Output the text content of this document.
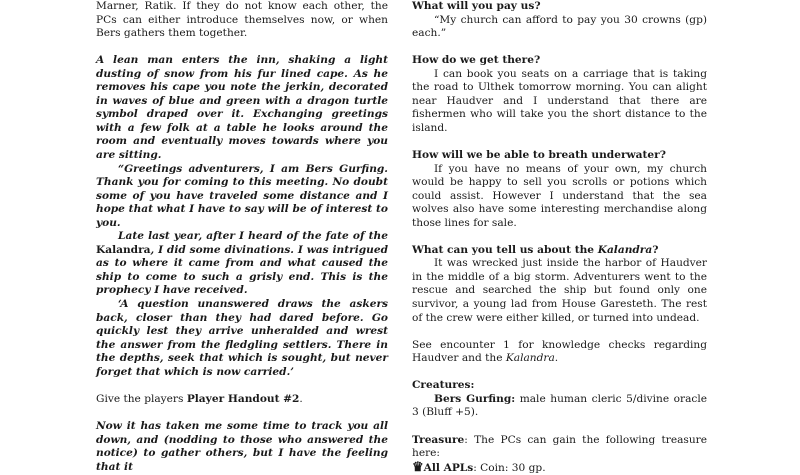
Marner, Ratik. If they do not know each other, the PCs can either introduce themselves now, or when Bers gathers them together.

A lean man enters the inn, shaking a light dusting of snow from his fur lined cape. As he removes his cape you note the jerkin, decorated in waves of blue and green with a dragon turtle symbol draped over it. Exchanging greetings with a few folk at a table he looks around the room and eventually moves towards where you are sitting.

“Greetings adventurers, I am Bers Gurfing. Thank you for coming to this meeting. No doubt some of you have traveled some distance and I hope that what I have to say will be of interest to you.

Late last year, after I heard of the fate of the Kalandra, I did some divinations. I was intrigued as to where it came from and what caused the ship to come to such a grisly end. This is the prophecy I have received.

‘A question unanswered draws the askers back, closer than they had dared before. Go quickly lest they arrive unheralded and wrest the answer from the fledgling settlers. There in the depths, seek that which is sought, but never forget that which is now carried.’

Give the players Player Handout #2.

Now it has taken me some time to track you all down, and (nodding to those who answered the notice) to gather others, but I have the feeling that it

What will you pay us?

“My church can afford to pay you 30 crowns (gp) each.”

How do we get there?

I can book you seats on a carriage that is taking the road to Ulthek tomorrow morning. You can alight near Haudver and I understand that there are fishermen who will take you the short distance to the island.

How will we be able to breath underwater?

If you have no means of your own, my church would be happy to sell you scrolls or potions which could assist. However I understand that the sea wolves also have some interesting merchandise along those lines for sale.

What can you tell us about the Kalandra?

It was wrecked just inside the harbor of Haudver in the middle of a big storm. Adventurers went to the rescue and searched the ship but found only one survivor, a young lad from House Garesteth. The rest of the crew were either killed, or turned into undead.

See encounter 1 for knowledge checks regarding Haudver and the Kalandra.

Creatures:

Bers Gurfing: male human cleric 5/divine oracle 3 (Bluff +5).

Treasure: The PCs can gain the following treasure here:

♛All APLs: Coin: 30 gp.
